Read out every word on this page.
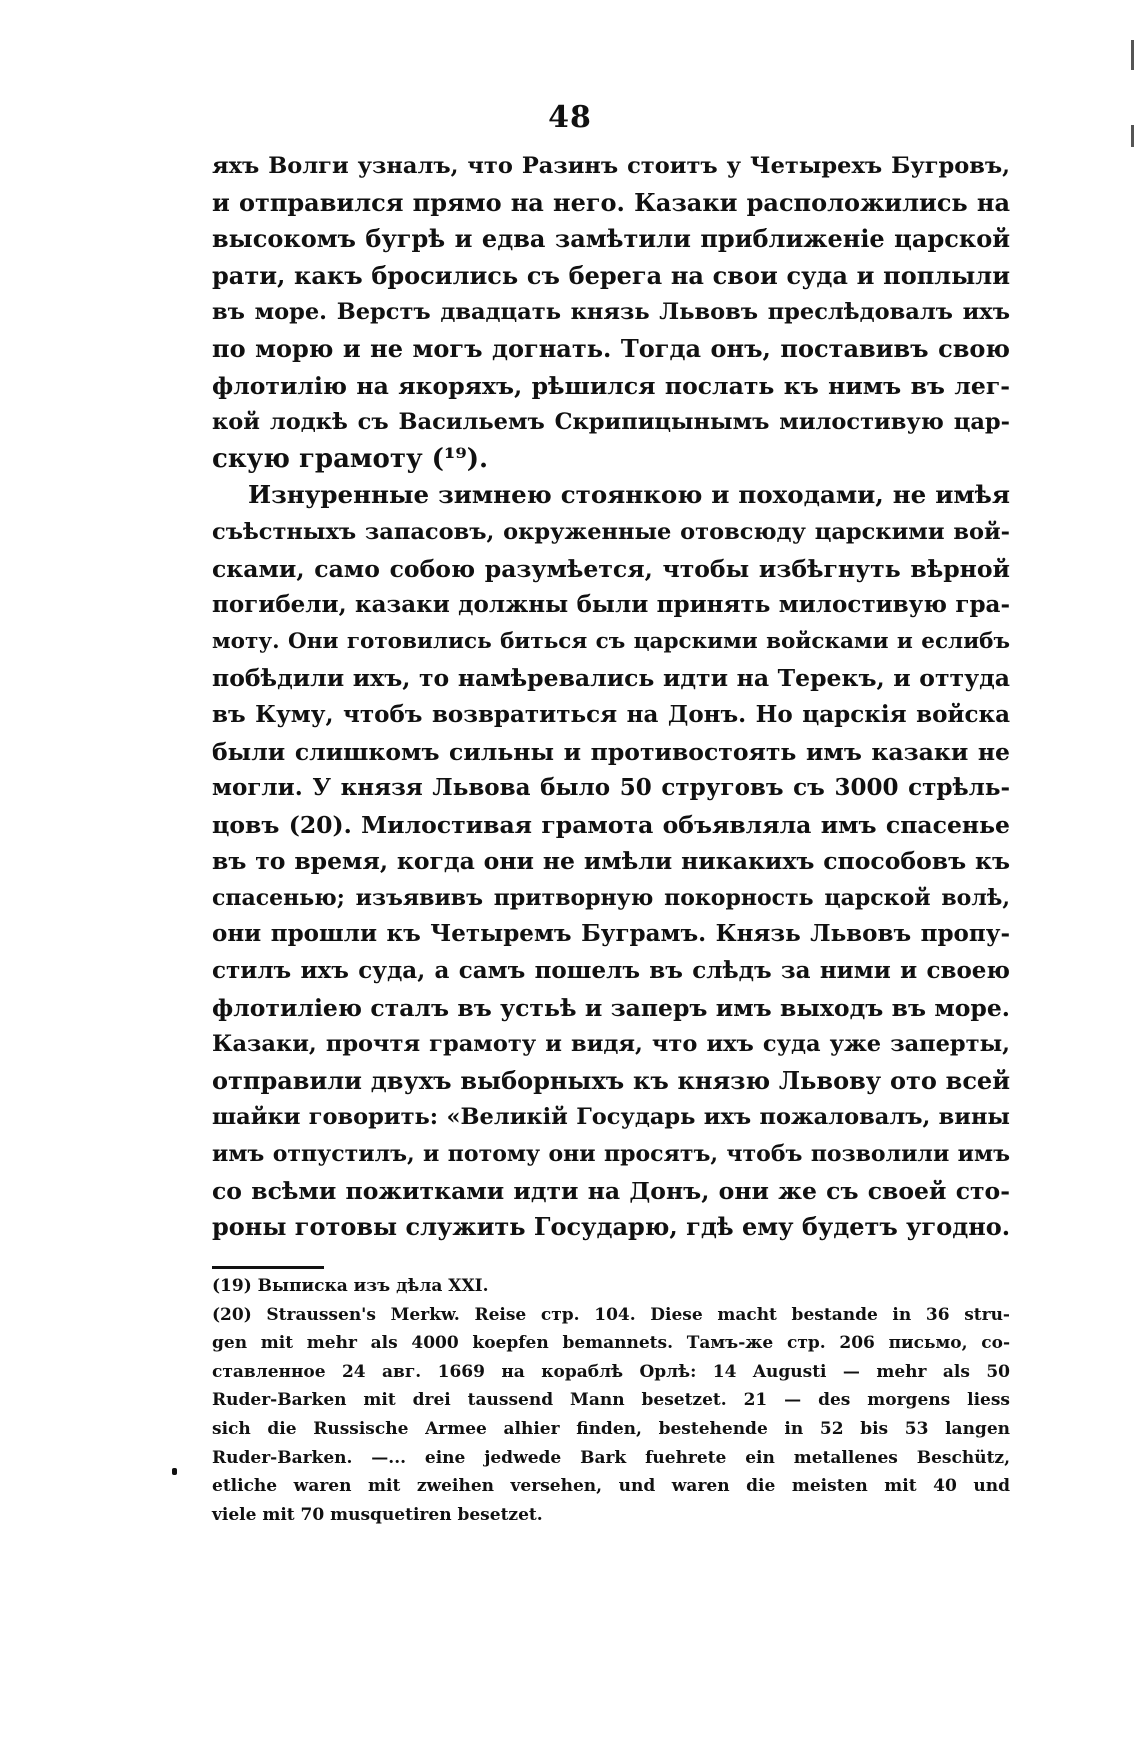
48
яхъ Волги узналъ, что Разинъ стоитъ у Четырехъ Бугровъ,
и отправился прямо на него. Казаки расположились на
высокомъ бугрѣ и едва замѣтили приближеніе царской
рати, какъ бросились съ берега на свои суда и поплыли
въ море. Верстъ двадцать князь Львовъ преслѣдовалъ ихъ
по морю и не могъ догнать. Тогда онъ, поставивъ свою
флотилію на якоряхъ, рѣшился послать къ нимъ въ лег-
кой лодкѣ съ Васильемъ Скрипицынымъ милостивую цар-
скую грамоту (¹⁹).
Изнуренные зимнею стоянкою и походами, не имѣя
съѣстныхъ запасовъ, окруженные отовсюду царскими вой-
сками, само собою разумѣется, чтобы избѣгнуть вѣрной
погибели, казаки должны были принять милостивую гра-
моту. Они готовились биться съ царскими войсками и еслибъ
побѣдили ихъ, то намѣревались идти на Терекъ, и оттуда
въ Куму, чтобъ возвратиться на Донъ. Но царскія войска
были слишкомъ сильны и противостоять имъ казаки не
могли. У князя Львова было 50 струговъ съ 3000 стрѣль-
цовъ (20). Милостивая грамота объявляла имъ спасенье
въ то время, когда они не имѣли никакихъ способовъ къ
спасенью; изъявивъ притворную покорность царской волѣ,
они прошли къ Четыремъ Буграмъ. Князь Львовъ пропу-
стилъ ихъ суда, а самъ пошелъ въ слѣдъ за ними и своею
флотиліею сталъ въ устьѣ и заперъ имъ выходъ въ море.
Казаки, прочтя грамоту и видя, что ихъ суда уже заперты,
отправили двухъ выборныхъ къ князю Львову ото всей
шайки говорить: «Великій Государь ихъ пожаловалъ, вины
имъ отпустилъ, и потому они просятъ, чтобъ позволили имъ
со всѣми пожитками идти на Донъ, они же съ своей сто-
роны готовы служить Государю, гдѣ ему будетъ угодно.
(19) Выписка изъ дѣла XXI.
(20) Straussen's Merkw. Reise стр. 104. Diese macht bestande in 36 stru-
gen mit mehr als 4000 koepfen bemannets. Тамъ-же стр. 206 письмо, со-
ставленное 24 авг. 1669 на кораблѣ Орлѣ: 14 Augusti — mehr als 50
Ruder-Barken mit drei taussend Mann besetzet. 21 — des morgens liess
sich die Russische Armee alhier finden, bestehende in 52 bis 53 langen
Ruder-Barken. —... eine jedwede Bark fuehrete ein metallenes Beschütz,
etliche waren mit zweihen versehen, und waren die meisten mit 40 und
viele mit 70 musquetiren besetzet.
